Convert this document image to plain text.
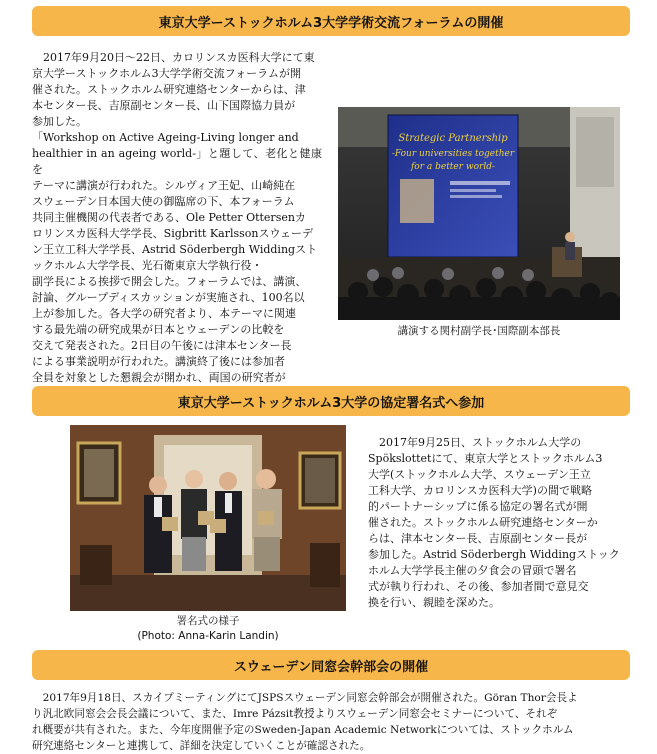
東京大学ーストックホルム3大学学術交流フォーラムの開催

　2017年9月20日～22日、カロリンスカ医科大学にて東

京大学ーストックホルム3大学学術交流フォーラムが開

催された。ストックホルム研究連絡センターからは、津

本センター長、吉原副センター長、山下国際協力員が

参加した。

「Workshop on Active Ageing-Living longer and

healthier in an ageing world-」と題して、老化と健康を

テーマに講演が行われた。シルヴィア王妃、山崎純在

スウェーデン日本国大使の御臨席の下、本フォーラム

共同主催機関の代表者である、Ole Petter Ottersenカ

ロリンスカ医科大学学長、Sigbritt Karlssonスウェーデ

ン王立工科大学学長、Astrid Söderbergh Widdingスト

ックホルム大学学長、光石衛東京大学執行役・

副学長による挨拶で開会した。フォーラムでは、講演、

討論、グループディスカッションが実施され、100名以

上が参加した。各大学の研究者より、本テーマに関連

する最先端の研究成果が日本とウェーデンの比較を

交えて発表された。2日目の午後には津本センター長

による事業説明が行われた。講演終了後には参加者

全員を対象とした懇親会が開かれ、両国の研究者が

Strategic Partnership
-Four universities together
for a better world-
講演する関村副学長･国際副本部長
東京大学ーストックホルム3大学の協定署名式へ参加
署名式の様子
(Photo: Anna-Karin Landin)

　2017年9月25日、ストックホルム大学の

Spökslottetにて、東京大学とストックホルム3

大学(ストックホルム大学、スウェーデン王立

工科大学、カロリンスカ医科大学)の間で戦略

的パートナーシップに係る協定の署名式が開

催された。ストックホルム研究連絡センターか

らは、津本センター長、吉原副センター長が

参加した。Astrid Söderbergh Widdingストック

ホルム大学学長主催の夕食会の冒頭で署名

式が執り行われ、その後、参加者間で意見交

換を行い、親睦を深めた。

スウェーデン同窓会幹部会の開催

　2017年9月18日、スカイプミーティングにてJSPSスウェーデン同窓会幹部会が開催された。Göran Thor会長よ

り汎北欧同窓会会長会議について、また、Imre Pázsit教授よりスウェーデン同窓会セミナーについて、それぞ

れ概要が共有された。また、今年度開催予定のSweden-Japan Academic Networkについては、ストックホルム

研究連絡センターと連携して、詳細を決定していくことが確認された。
